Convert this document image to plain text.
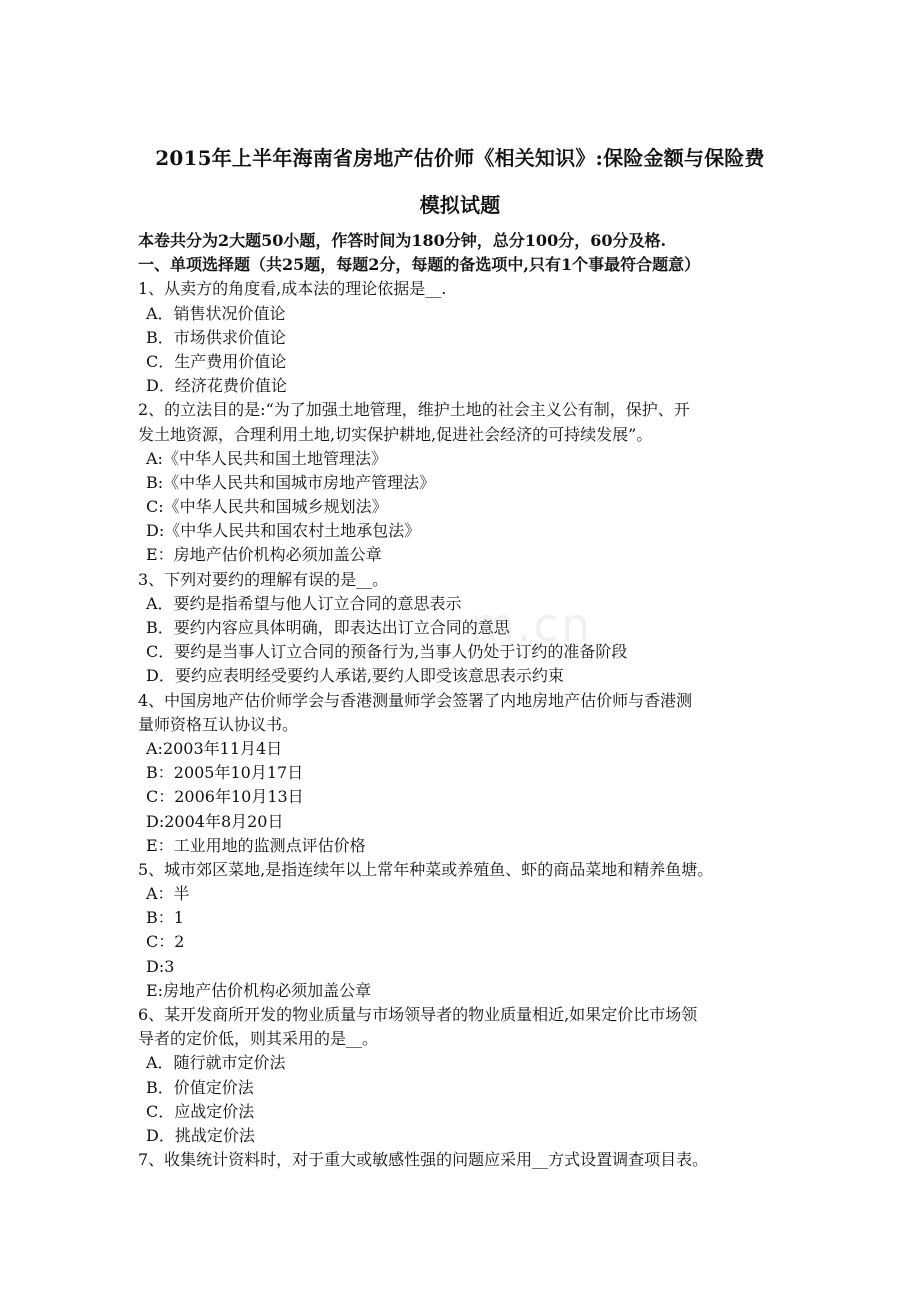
m.cn
2015年上半年海南省房地产估价师《相关知识》:保险金额与保险费
模拟试题
本卷共分为2大题50小题，作答时间为180分钟，总分100分，60分及格.
一、单项选择题（共25题，每题2分，每题的备选项中,只有1个事最符合题意）
1、从卖方的角度看,成本法的理论依据是__.
A．销售状况价值论
B．市场供求价值论
C．生产费用价值论
D．经济花费价值论
2、的立法目的是:“为了加强土地管理，维护土地的社会主义公有制，保护、开
发土地资源，合理利用土地,切实保护耕地,促进社会经济的可持续发展”。
A:《中华人民共和国土地管理法》
B:《中华人民共和国城市房地产管理法》
C:《中华人民共和国城乡规划法》
D:《中华人民共和国农村土地承包法》
E：房地产估价机构必须加盖公章
3、下列对要约的理解有误的是__。
A．要约是指希望与他人订立合同的意思表示
B．要约内容应具体明确，即表达出订立合同的意思
C．要约是当事人订立合同的预备行为,当事人仍处于订约的准备阶段
D．要约应表明经受要约人承诺,要约人即受该意思表示约束
4、中国房地产估价师学会与香港测量师学会签署了内地房地产估价师与香港测
量师资格互认协议书。
A:2003年11月4日
B：2005年10月17日
C：2006年10月13日
D:2004年8月20日
E：工业用地的监测点评估价格
5、城市郊区菜地,是指连续年以上常年种菜或养殖鱼、虾的商品菜地和精养鱼塘。
A：半
B：1
C：2
D:3
E:房地产估价机构必须加盖公章
6、某开发商所开发的物业质量与市场领导者的物业质量相近,如果定价比市场领
导者的定价低，则其采用的是__。
A．随行就市定价法
B．价值定价法
C．应战定价法
D．挑战定价法
7、收集统计资料时，对于重大或敏感性强的问题应采用__方式设置调查项目表。
